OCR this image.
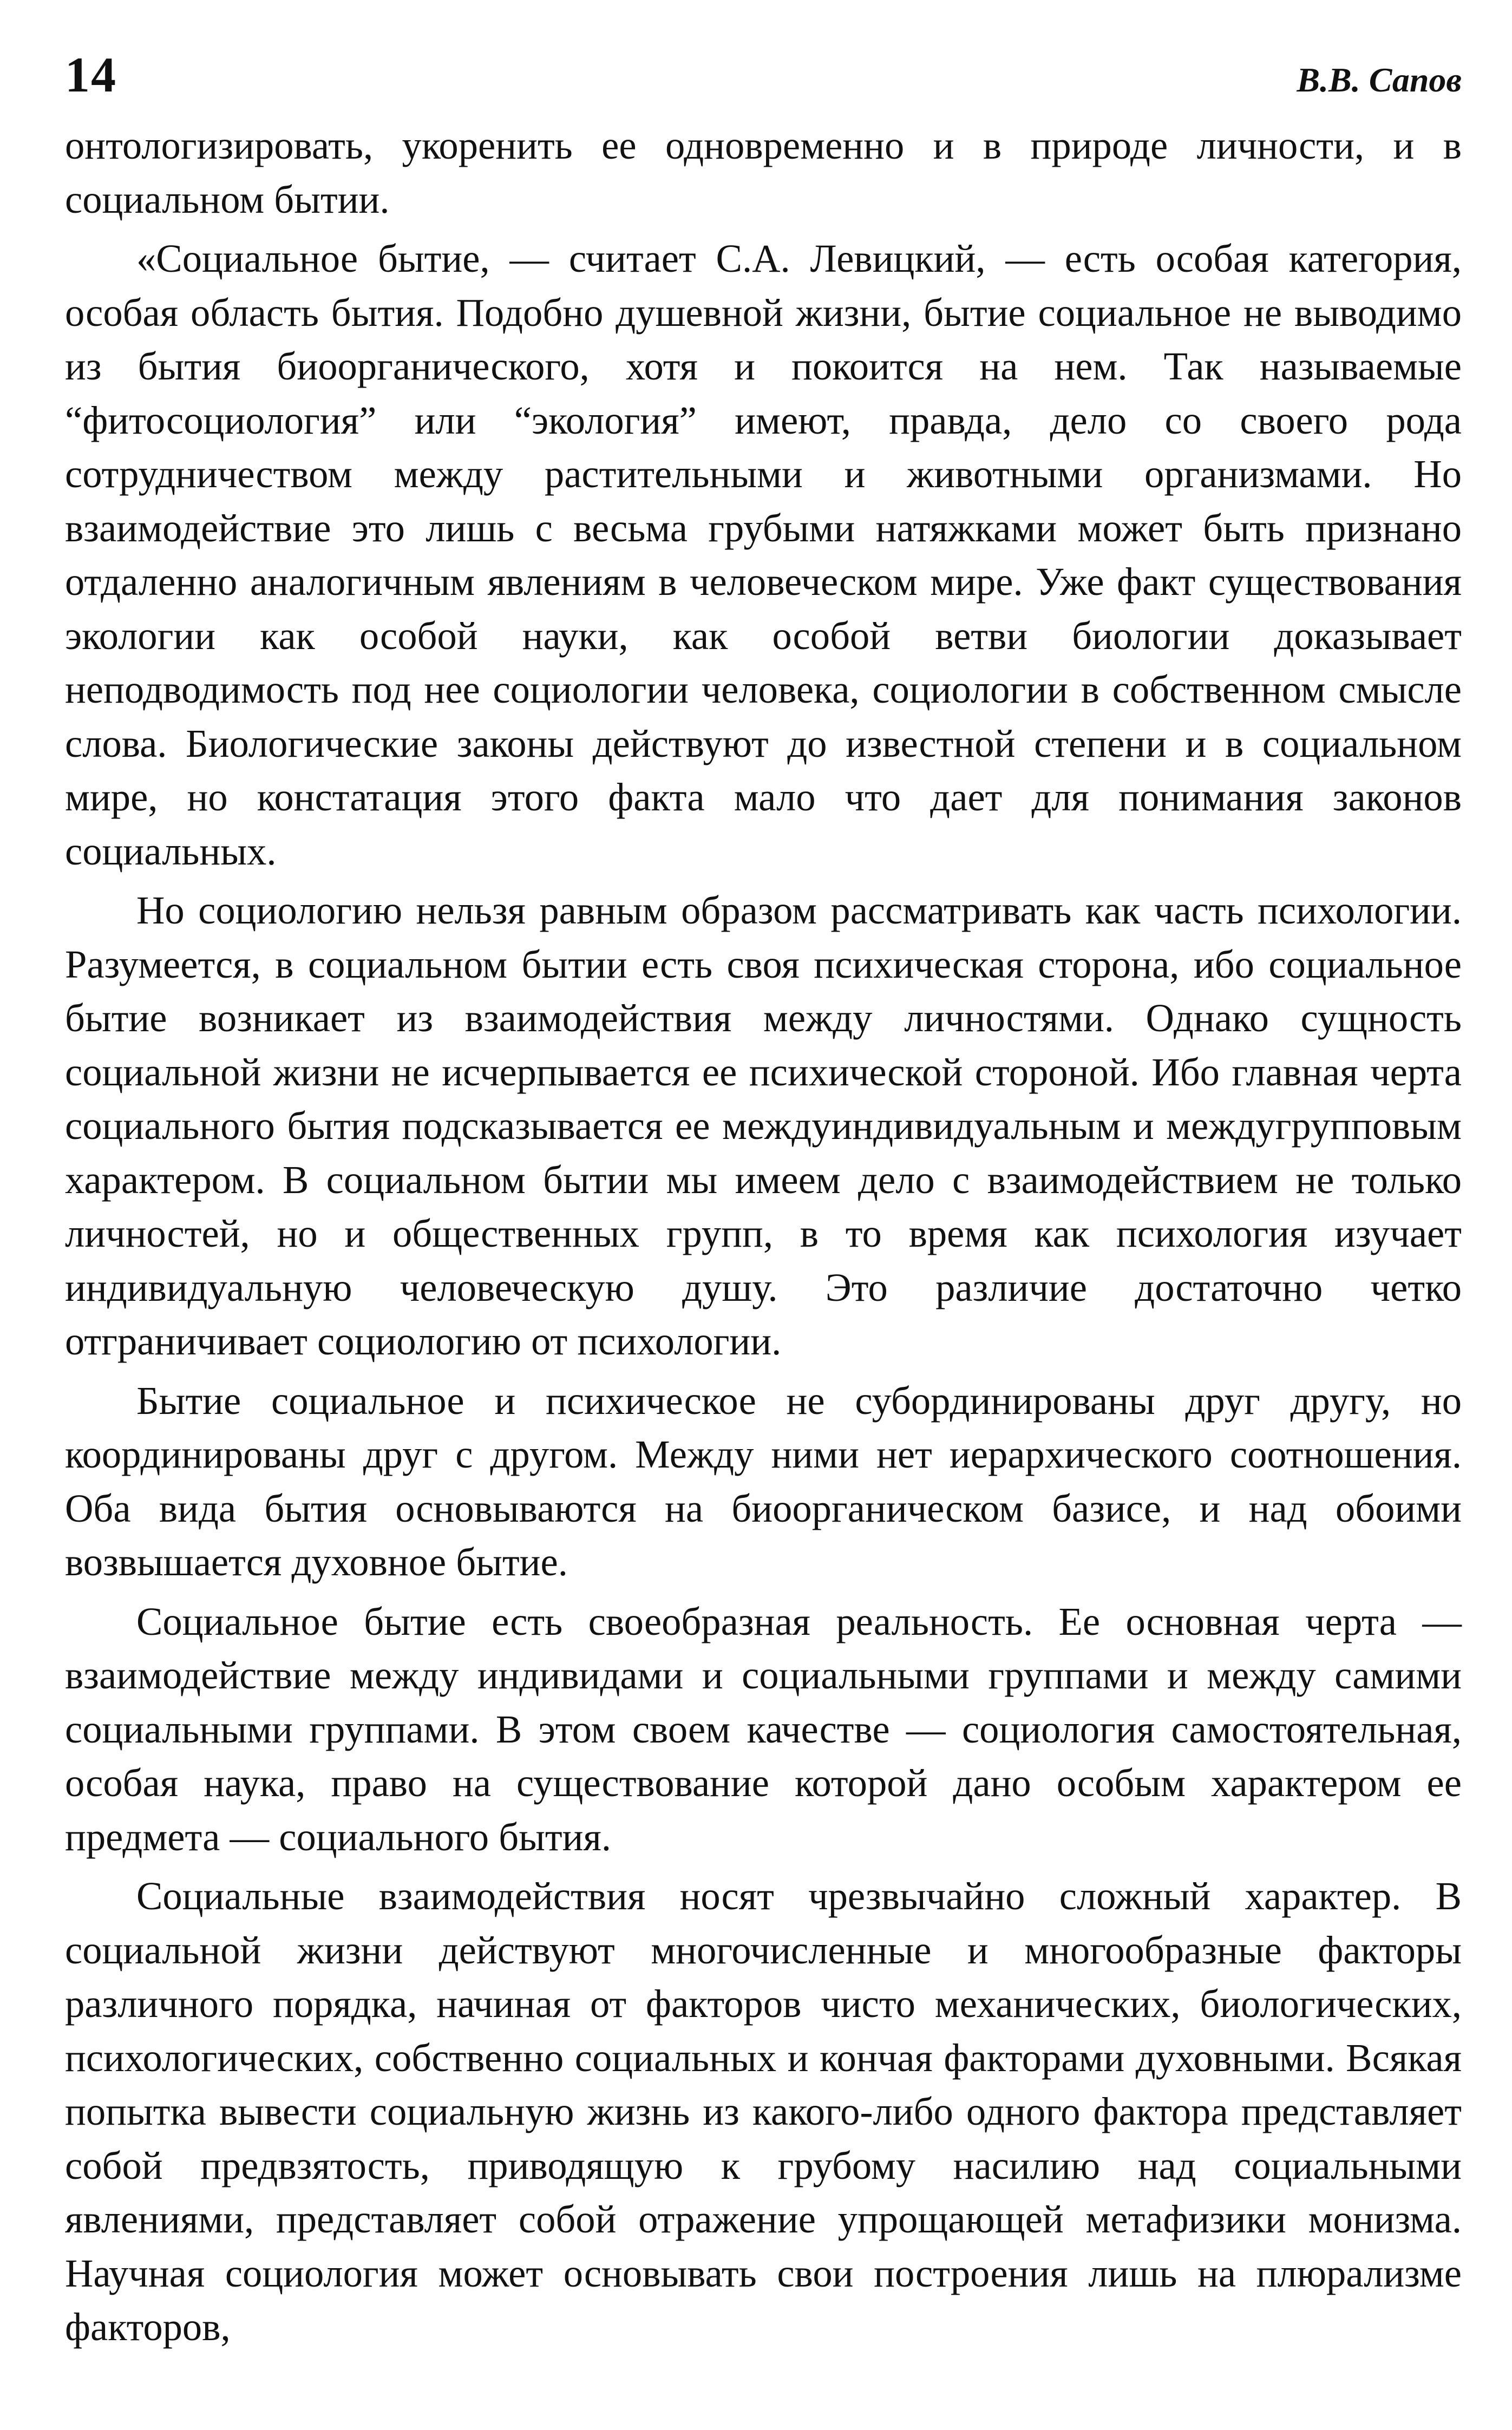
14	В.В. Сапов

онтологизировать, укоренить ее одновременно и в природе личности, и в социальном бытии.

«Социальное бытие, — считает С.А. Левицкий, — есть особая категория, особая область бытия. Подобно душевной жизни, бытие социальное не выводимо из бытия биоорганического, хотя и покоится на нем. Так называемые “фитосоциология” или “экология” имеют, правда, дело со своего рода сотрудничеством между растительными и животными организмами. Но взаимодействие это лишь с весьма грубыми натяжками может быть признано отдаленно аналогичным явлениям в человеческом мире. Уже факт существования экологии как особой науки, как особой ветви биологии доказывает неподводимость под нее социологии человека, социологии в собственном смысле слова. Биологические законы действуют до известной степени и в социальном мире, но констатация этого факта мало что дает для понимания законов социальных.

Но социологию нельзя равным образом рассматривать как часть психологии. Разумеется, в социальном бытии есть своя психическая сторона, ибо социальное бытие возникает из взаимодействия между личностями. Однако сущность социальной жизни не исчерпывается ее психической стороной. Ибо главная черта социального бытия подсказывается ее междуиндивидуальным и междугрупповым характером. В социальном бытии мы имеем дело с взаимодействием не только личностей, но и общественных групп, в то время как психология изучает индивидуальную человеческую душу. Это различие достаточно четко отграничивает социологию от психологии.

Бытие социальное и психическое не субординированы друг другу, но координированы друг с другом. Между ними нет иерархического соотношения. Оба вида бытия основываются на биоорганическом базисе, и над обоими возвышается духовное бытие.

Социальное бытие есть своеобразная реальность. Ее основная черта — взаимодействие между индивидами и социальными группами и между самими социальными группами. В этом своем качестве — социология самостоятельная, особая наука, право на существование которой дано особым характером ее предмета — социального бытия.

Социальные взаимодействия носят чрезвычайно сложный характер. В социальной жизни действуют многочисленные и многообразные факторы различного порядка, начиная от факторов чисто механических, биологических, психологических, собственно социальных и кончая факторами духовными. Всякая попытка вывести социальную жизнь из какого-либо одного фактора представляет собой предвзятость, приводящую к грубому насилию над социальными явлениями, представляет собой отражение упрощающей метафизики монизма. Научная социология может основывать свои построения лишь на плюрализме факторов,
